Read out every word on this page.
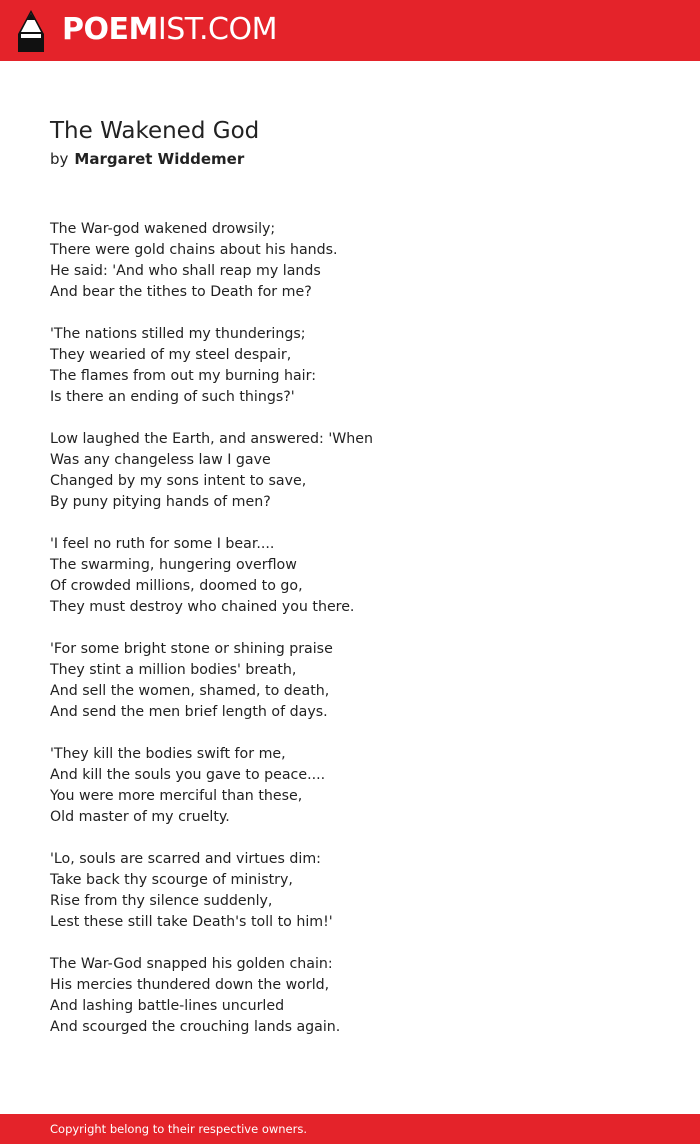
POEMIST.COM
The Wakened God
by Margaret Widdemer
The War-god wakened drowsily;
There were gold chains about his hands.
He said: 'And who shall reap my lands
And bear the tithes to Death for me?
'The nations stilled my thunderings;
They wearied of my steel despair,
The flames from out my burning hair:
Is there an ending of such things?'
Low laughed the Earth, and answered: 'When
Was any changeless law I gave
Changed by my sons intent to save,
By puny pitying hands of men?
'I feel no ruth for some I bear....
The swarming, hungering overflow
Of crowded millions, doomed to go,
They must destroy who chained you there.
'For some bright stone or shining praise
They stint a million bodies' breath,
And sell the women, shamed, to death,
And send the men brief length of days.
'They kill the bodies swift for me,
And kill the souls you gave to peace....
You were more merciful than these,
Old master of my cruelty.
'Lo, souls are scarred and virtues dim:
Take back thy scourge of ministry,
Rise from thy silence suddenly,
Lest these still take Death's toll to him!'
The War-God snapped his golden chain:
His mercies thundered down the world,
And lashing battle-lines uncurled
And scourged the crouching lands again.
Copyright belong to their respective owners.
